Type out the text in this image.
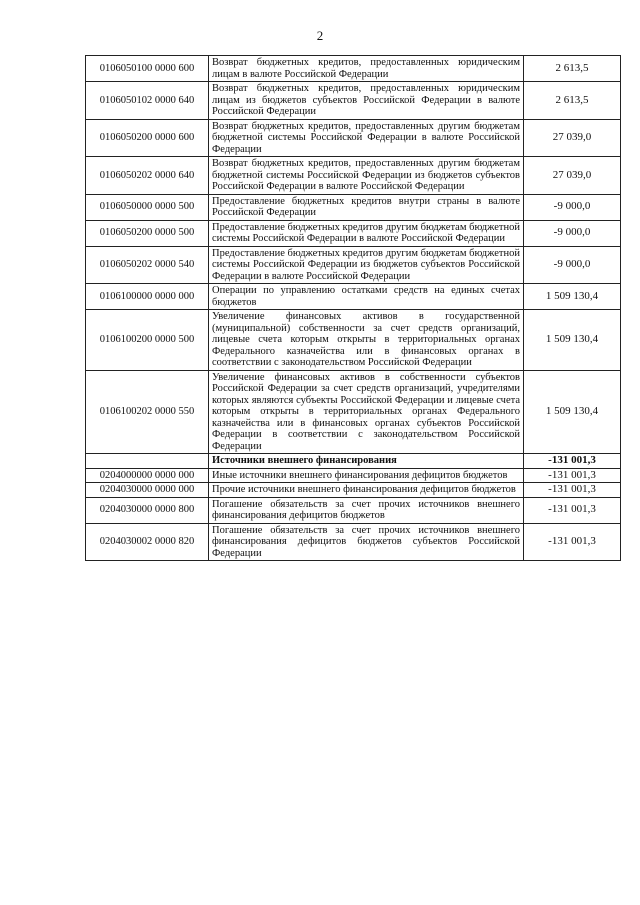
2
0106050100 0000 600	Возврат бюджетных кредитов, предоставленных юридическим лицам в валюте Российской Федерации	2 613,5
0106050102 0000 640	Возврат бюджетных кредитов, предоставленных юридическим лицам из бюджетов субъектов Российской Федерации в валюте Российской Федерации	2 613,5
0106050200 0000 600	Возврат бюджетных кредитов, предоставленных другим бюджетам бюджетной системы Российской Федерации в валюте Российской Федерации	27 039,0
0106050202 0000 640	Возврат бюджетных кредитов, предоставленных другим бюджетам бюджетной системы Российской Федерации из бюджетов субъектов Российской Федерации в валюте Российской Федерации	27 039,0
0106050000 0000 500	Предоставление бюджетных кредитов внутри страны в валюте Российской Федерации	-9 000,0
0106050200 0000 500	Предоставление бюджетных кредитов другим бюджетам бюджетной системы Российской Федерации в валюте Российской Федерации	-9 000,0
0106050202 0000 540	Предоставление бюджетных кредитов другим бюджетам бюджетной системы Российской Федерации из бюджетов субъектов Российской Федерации в валюте Российской Федерации	-9 000,0
0106100000 0000 000	Операции по управлению остатками средств на единых счетах бюджетов	1 509 130,4
0106100200 0000 500	Увеличение финансовых активов в государственной (муниципальной) собственности за счет средств организаций, лицевые счета которым открыты в территориальных органах Федерального казначейства или в финансовых органах в соответствии с законодательством Российской Федерации	1 509 130,4
0106100202 0000 550	Увеличение финансовых активов в собственности субъектов Российской Федерации за счет средств организаций, учредителями которых являются субъекты Российской Федерации и лицевые счета которым открыты в территориальных органах Федерального казначейства или в финансовых органах субъектов Российской Федерации в соответствии с законодательством Российской Федерации	1 509 130,4
	Источники внешнего финансирования	-131 001,3
0204000000 0000 000	Иные источники внешнего финансирования дефицитов бюджетов	-131 001,3
0204030000 0000 000	Прочие источники внешнего финансирования дефицитов бюджетов	-131 001,3
0204030000 0000 800	Погашение обязательств за счет прочих источников внешнего финансирования дефицитов бюджетов	-131 001,3
0204030002 0000 820	Погашение обязательств за счет прочих источников внешнего финансирования дефицитов бюджетов субъектов Российской Федерации	-131 001,3
